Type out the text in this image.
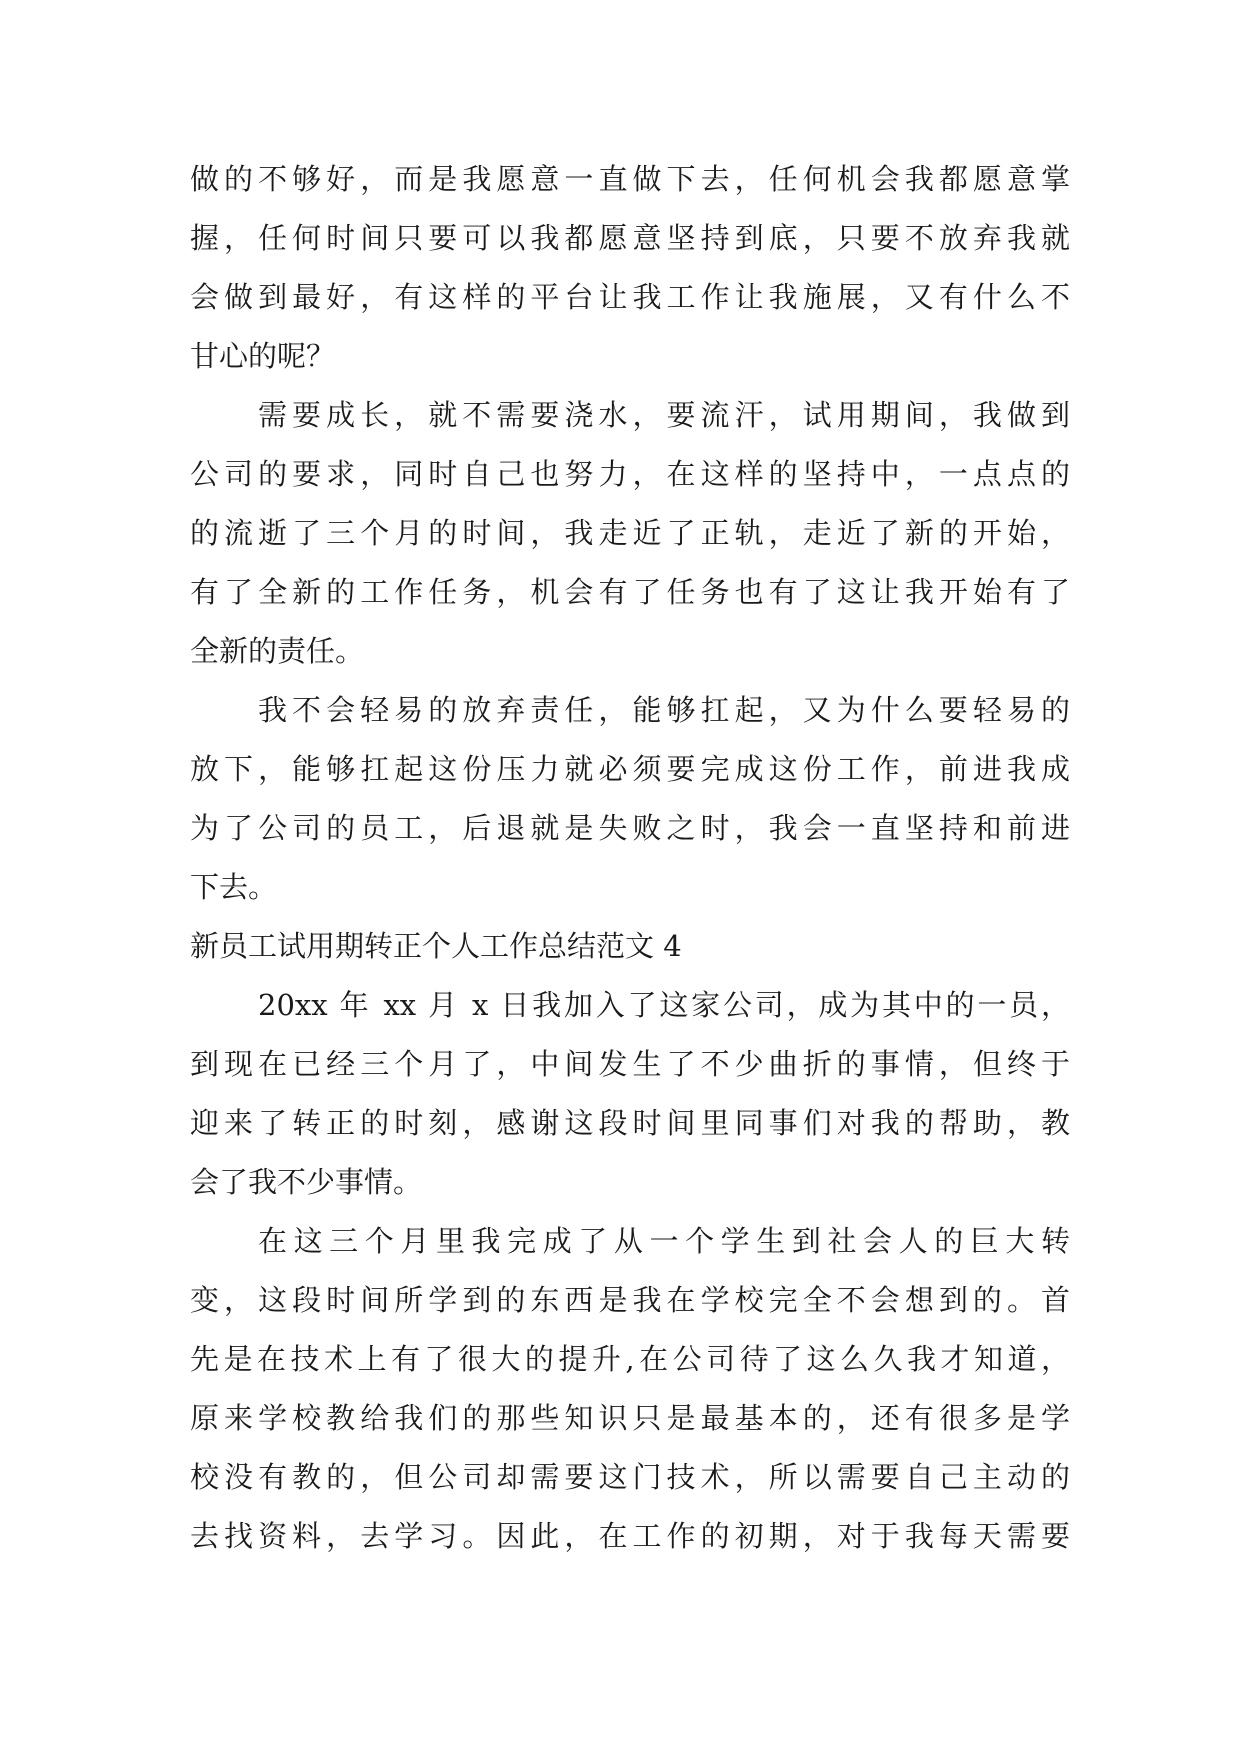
做的不够好，而是我愿意一直做下去，任何机会我都愿意掌
握，任何时间只要可以我都愿意坚持到底，只要不放弃我就
会做到最好，有这样的平台让我工作让我施展，又有什么不
甘心的呢？
需要成长，就不需要浇水，要流汗，试用期间，我做到
公司的要求，同时自己也努力，在这样的坚持中，一点点的
的流逝了三个月的时间，我走近了正轨，走近了新的开始，
有了全新的工作任务，机会有了任务也有了这让我开始有了
全新的责任。
我不会轻易的放弃责任，能够扛起，又为什么要轻易的
放下，能够扛起这份压力就必须要完成这份工作，前进我成
为了公司的员工，后退就是失败之时，我会一直坚持和前进
下去。
新员工试用期转正个人工作总结范文 4
20xx 年 xx 月 x 日我加入了这家公司，成为其中的一员，
到现在已经三个月了，中间发生了不少曲折的事情，但终于
迎来了转正的时刻，感谢这段时间里同事们对我的帮助，教
会了我不少事情。
在这三个月里我完成了从一个学生到社会人的巨大转
变，这段时间所学到的东西是我在学校完全不会想到的。首
先是在技术上有了很大的提升,在公司待了这么久我才知道，
原来学校教给我们的那些知识只是最基本的，还有很多是学
校没有教的，但公司却需要这门技术，所以需要自己主动的
去找资料，去学习。因此，在工作的初期，对于我每天需要
